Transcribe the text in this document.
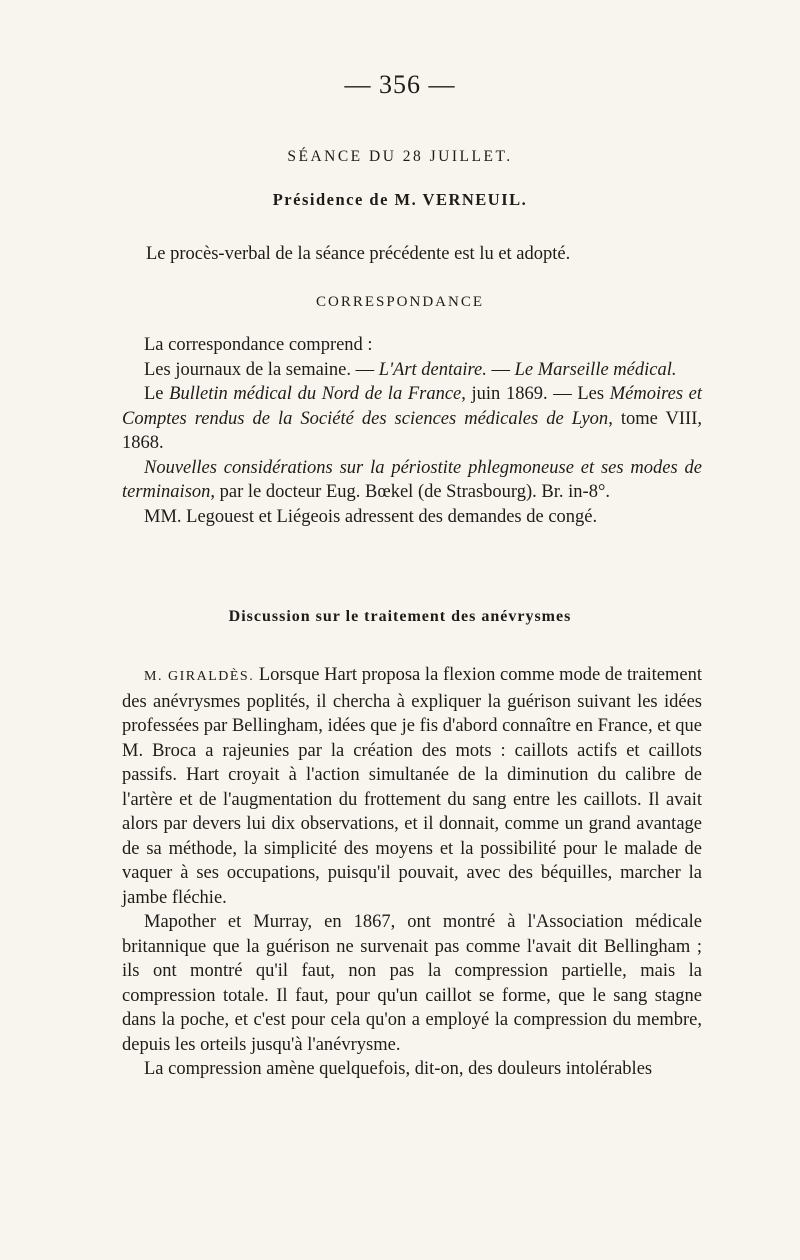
— 356 —
SÉANCE DU 28 JUILLET.
Présidence de M. VERNEUIL.
Le procès-verbal de la séance précédente est lu et adopté.
CORRESPONDANCE

La correspondance comprend :

Les journaux de la semaine. — L'Art dentaire. — Le Marseille médical.

Le Bulletin médical du Nord de la France, juin 1869. — Les Mémoires et Comptes rendus de la Société des sciences médicales de Lyon, tome VIII, 1868.

Nouvelles considérations sur la périostite phlegmoneuse et ses modes de terminaison, par le docteur Eug. Bœkel (de Strasbourg). Br. in-8°.

MM. Legouest et Liégeois adressent des demandes de congé.

Discussion sur le traitement des anévrysmes

M. GIRALDÈS. Lorsque Hart proposa la flexion comme mode de traitement des anévrysmes poplités, il chercha à expliquer la guérison suivant les idées professées par Bellingham, idées que je fis d'abord connaître en France, et que M. Broca a rajeunies par la création des mots : caillots actifs et caillots passifs. Hart croyait à l'action simultanée de la diminution du calibre de l'artère et de l'augmentation du frottement du sang entre les caillots. Il avait alors par devers lui dix observations, et il donnait, comme un grand avantage de sa méthode, la simplicité des moyens et la possibilité pour le malade de vaquer à ses occupations, puisqu'il pouvait, avec des béquilles, marcher la jambe fléchie.

Mapother et Murray, en 1867, ont montré à l'Association médicale britannique que la guérison ne survenait pas comme l'avait dit Bellingham ; ils ont montré qu'il faut, non pas la compression partielle, mais la compression totale. Il faut, pour qu'un caillot se forme, que le sang stagne dans la poche, et c'est pour cela qu'on a employé la compression du membre, depuis les orteils jusqu'à l'anévrysme.

La compression amène quelquefois, dit-on, des douleurs intolérables
